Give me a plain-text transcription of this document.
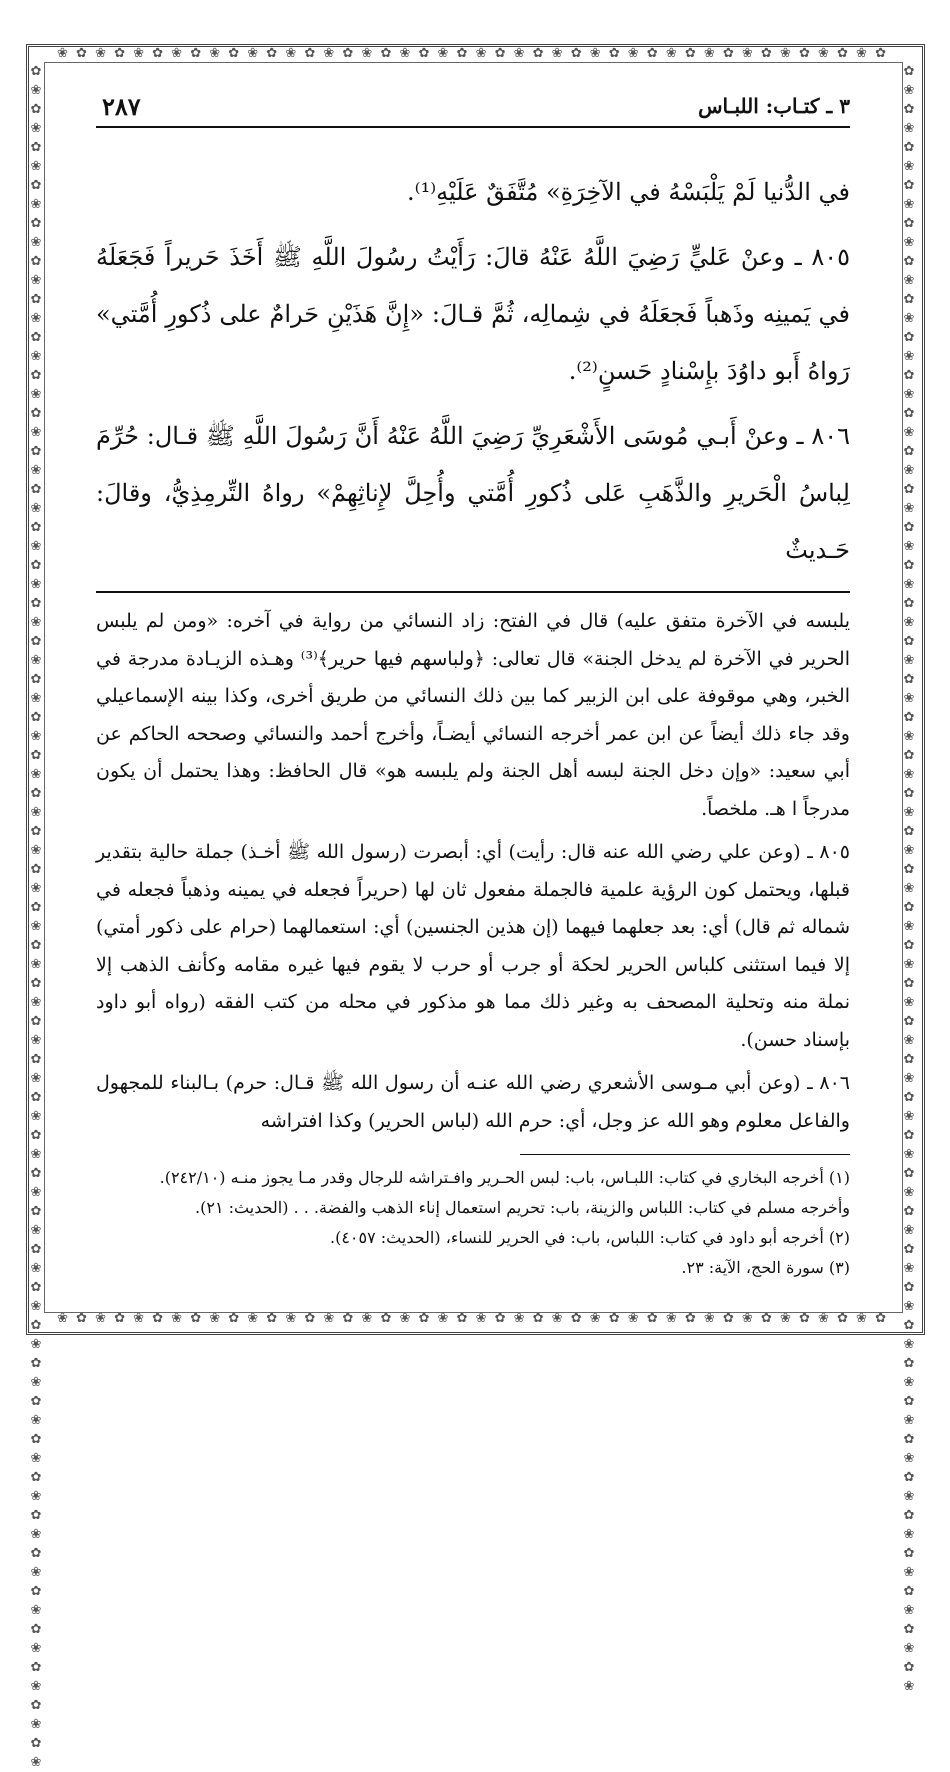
✿ ❀ ✿ ❀ ✿ ❀ ✿ ❀ ✿ ❀ ✿ ❀ ✿ ❀ ✿ ❀ ✿ ❀ ✿ ❀ ✿ ❀ ✿ ❀ ✿ ❀ ✿ ❀ ✿ ❀ ✿ ❀ ✿ ❀ ✿ ❀ ✿ ❀ ✿ ❀ ✿ ❀ ✿ ❀
✿ ❀ ✿ ❀ ✿ ❀ ✿ ❀ ✿ ❀ ✿ ❀ ✿ ❀ ✿ ❀ ✿ ❀ ✿ ❀ ✿ ❀ ✿ ❀ ✿ ❀ ✿ ❀ ✿ ❀ ✿ ❀ ✿ ❀ ✿ ❀ ✿ ❀ ✿ ❀ ✿ ❀ ✿ ❀
✿❀✿❀✿❀✿❀✿❀✿❀✿❀✿❀✿❀✿❀✿❀✿❀✿❀✿❀✿❀✿❀✿❀✿❀✿❀✿❀✿❀✿❀✿❀✿❀✿❀✿❀✿❀✿❀✿❀✿❀✿❀✿❀✿❀✿❀✿❀✿❀✿❀✿❀✿❀✿❀✿❀✿❀✿❀✿❀✿❀
✿❀✿❀✿❀✿❀✿❀✿❀✿❀✿❀✿❀✿❀✿❀✿❀✿❀✿❀✿❀✿❀✿❀✿❀✿❀✿❀✿❀✿❀✿❀✿❀✿❀✿❀✿❀✿❀✿❀✿❀✿❀✿❀✿❀✿❀✿❀✿❀✿❀✿❀✿❀✿❀✿❀✿❀✿❀
٣ ـ كتـاب: اللبـاس
٢٨٧

في الدُّنيا لَمْ يَلْبَسْهُ في الآخِرَةِ» مُتَّفَقٌ عَلَيْهِ⁽¹⁾.

٨٠٥ ـ وعنْ عَليٍّ رَضِيَ اللَّهُ عَنْهُ قالَ: رَأَيْتُ رسُولَ اللَّهِ ﷺ أَخَذَ حَريراً فَجَعَلَهُ في يَمينِه وذَهباً فَجعَلَهُ في شِمالِه، ثُمَّ قـالَ: «إِنَّ هَذَيْنِ حَرامٌ على ذُكورِ أُمَّتي» رَواهُ أَبو داوُدَ بإِسْنادٍ حَسنٍ⁽²⁾.

٨٠٦ ـ وعنْ أَبـي مُوسَى الأَشْعَرِيِّ رَضِيَ اللَّهُ عَنْهُ أَنَّ رَسُولَ اللَّهِ ﷺ قـال: حُرِّمَ لِباسُ الْحَريرِ والذَّهَبِ عَلى ذُكورِ أُمَّتي وأُحِلَّ لإِناثِهِمْ» رواهُ التِّرمِذِيُّ، وقالَ: حَـديثٌ

يلبسه في الآخرة متفق عليه) قال في الفتح: زاد النسائي من رواية في آخره: «ومن لم يلبس الحرير في الآخرة لم يدخل الجنة» قال تعالى: ﴿ولباسهم فيها حرير﴾⁽³⁾ وهـذه الزيـادة مدرجة في الخبر، وهي موقوفة على ابن الزبير كما بين ذلك النسائي من طريق أخرى، وكذا بينه الإسماعيلي وقد جاء ذلك أيضاً عن ابن عمر أخرجه النسائي أيضـاً، وأخرج أحمد والنسائي وصححه الحاكم عن أبي سعيد: «وإن دخل الجنة لبسه أهل الجنة ولم يلبسه هو» قال الحافظ: وهذا يحتمل أن يكون مدرجاً ا هـ. ملخصاً.

٨٠٥ ـ (وعن علي رضي الله عنه قال: رأيت) أي: أبصرت (رسول الله ﷺ أخـذ) جملة حالية بتقدير قبلها، ويحتمل كون الرؤية علمية فالجملة مفعول ثان لها (حريراً فجعله في يمينه وذهباً فجعله في شماله ثم قال) أي: بعد جعلهما فيهما (إن هذين الجنسين) أي: استعمالهما (حرام على ذكور أمتي) إلا فيما استثنى كلباس الحرير لحكة أو جرب أو حرب لا يقوم فيها غيره مقامه وكأنف الذهب إلا نملة منه وتحلية المصحف به وغير ذلك مما هو مذكور في محله من كتب الفقه (رواه أبو داود بإسناد حسن).

٨٠٦ ـ (وعن أبي مـوسى الأشعري رضي الله عنـه أن رسول الله ﷺ قـال: حرم) بـالبناء للمجهول والفاعل معلوم وهو الله عز وجل، أي: حرم الله (لباس الحرير) وكذا افتراشه

(١) أخرجه البخاري في كتاب: اللبـاس، باب: لبس الحـرير وافـتراشه للرجال وقدر مـا يجوز منـه (٢٤٢/١٠).

وأخرجه مسلم في كتاب: اللباس والزينة، باب: تحريم استعمال إناء الذهب والفضة. . . (الحديث: ٢١).

(٢) أخرجه أبو داود في كتاب: اللباس، باب: في الحرير للنساء، (الحديث: ٤٠٥٧).

(٣) سورة الحج، الآية: ٢٣.
